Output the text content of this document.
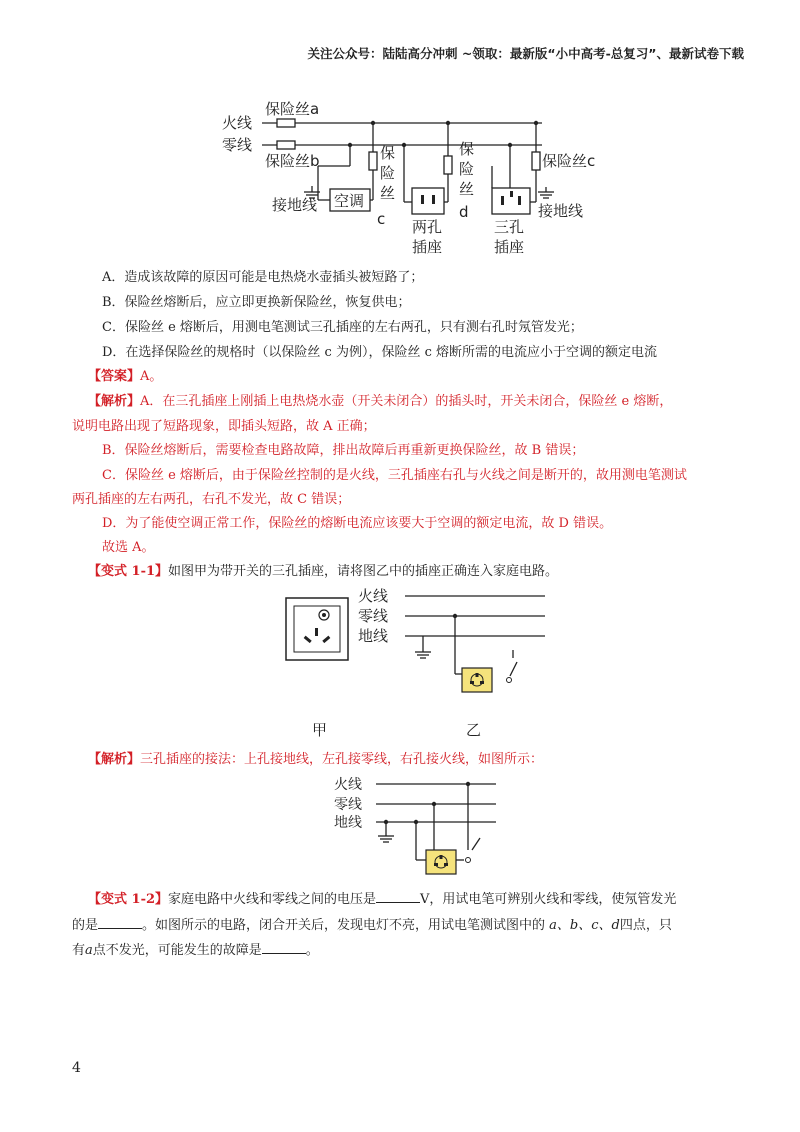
关注公众号：陆陆高分冲刺 ~领取：最新版“小中高考-总复习”、最新试卷下载
火线
零线
保险丝a
保险丝b	保险丝c
保
险
丝
c
保
险
丝
d
接地线 空调
两孔
插座
三孔
插座
接地线
A．造成该故障的原因可能是电热烧水壶插头被短路了；
B．保险丝熔断后，应立即更换新保险丝，恢复供电；
C．保险丝 e 熔断后，用测电笔测试三孔插座的左右两孔，只有测右孔时氖管发光；
D．在选择保险丝的规格时（以保险丝 c 为例），保险丝 c 熔断所需的电流应小于空调的额定电流
【答案】A。
【解析】A．在三孔插座上刚插上电热烧水壶（开关未闭合）的插头时，开关未闭合，保险丝 e 熔断，
说明电路出现了短路现象，即插头短路，故 A 正确；
B．保险丝熔断后，需要检查电路故障，排出故障后再重新更换保险丝，故 B 错误；
C．保险丝 e 熔断后，由于保险丝控制的是火线，三孔插座右孔与火线之间是断开的，故用测电笔测试
两孔插座的左右两孔，右孔不发光，故 C 错误；
D．为了能使空调正常工作，保险丝的熔断电流应该要大于空调的额定电流，故 D 错误。
故选 A。
【变式 1-1】如图甲为带开关的三孔插座，请将图乙中的插座正确连入家庭电路。
火线
零线
地线
甲	乙
【解析】三孔插座的接法：上孔接地线，左孔接零线，右孔接火线，如图所示：
火线
零线
地线
【变式 1-2】家庭电路中火线和零线之间的电压是	V，用试电笔可辨别火线和零线，使氖管发光
的是	。如图所示的电路，闭合开关后，发现电灯不亮，用试电笔测试图中的 a、b、c、d四点，只
有a点不发光，可能发生的故障是	。
4
